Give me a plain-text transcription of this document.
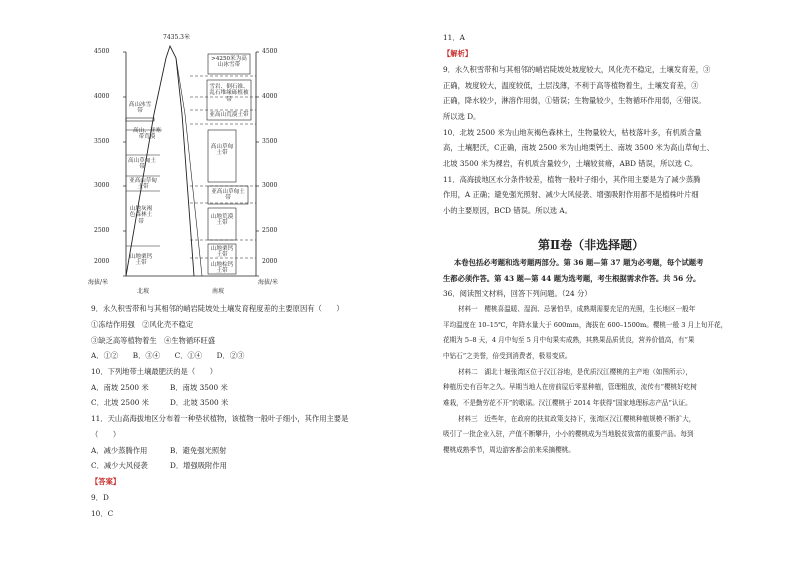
7435.3米
4500
4000
3500
3000
2500
2000
4500
4000
3500
3000
2500
2000
海拔/米	海拔/米
北坡	南坡
高山冰雪带
高山、亚寒带荒漠
高山草甸土带
亚高山草甸土带
山地灰褐色森林土带
山地栗钙土带
>4250米为高山冰雪带
雪岩、倒石锥、乱石堆缘砾植被带
亚高山荒漠土带
高山草甸土带
亚高山草甸土带
山地荒漠土带
山地栗钙土带
山地棕钙土带
9．永久积雪带和与其相邻的峭岩陡坡处土壤发育程度差的主要原因有（　　）
①冻结作用强　②风化壳不稳定
③缺乏高等植物着生　④生物循环旺盛
A．①②　　B．③④　　C．①④　　D．②③
10．下列地带土壤最肥沃的是（　　）
A．南坡 2500 米	B．南坡 3500 米
C．北坡 2500 米	D．北坡 3500 米
11．天山高海拔地区分布着一种垫状植物，该植物一般叶子细小，其作用主要是
（　　）
A．减少蒸腾作用	B．避免强光照射
C．减少大风侵袭	D．增强吸附作用
【答案】
9．D
10．C
11．A
【解析】
9．永久积雪带和与其相邻的峭岩陡坡处坡度较大，风化壳不稳定，土壤发育差，③
正确，坡度较大，温度较低，土层浅薄，不利于高等植物着生，土壤发育差，③
正确，降水较少，淋溶作用弱，①错误；生物量较少，生物循环作用弱，④错误。
所以选 D。
10．北坡 2500 米为山地灰褐色森林土，生物量较大，枯枝落叶多，有机质含量
高，土壤肥沃，C正确，南坡 2500 米为山地栗钙土、南坡 3500 米为高山草甸土、
北坡 3500 米为裸岩，有机质含量较少，土壤较贫瘠，ABD 错误，所以选 C。
11．高海拔地区水分条件较差，植物一般叶子细小，其作用主要是为了减少蒸腾
作用，A 正确；避免强光照射、减少大风侵袭、增强吸附作用都不是植株叶片细
小的主要原因，BCD 错误。所以选 A。
第Ⅱ卷（非选择题）
本卷包括必考题和选考题两部分。第 36 题—第 37 题为必考题，每个试题考
生都必须作答。第 43 题—第 44 题为选考题，考生根据需求作答。共 56 分。
36．阅读图文材料，回答下列问题。（24 分）
材料一　樱桃喜温暖、湿润、忌暑怕旱，成熟期需要充足的光照，生长地区一般年
平均温度在 10–15℃，年降水量大于 600mm，海拔在 600–1500m。樱桃一般 3 月上旬开花，
花期为 5–8 天，4 月中旬至 5 月中旬果实成熟，其熟果品质优良，营养价值高，有“果
中钻石”之美誉，倍受到消费者，极易变质。
材料二　湖北十堰张湾区位于汉江谷地，是优质汉江樱桃的主产地（如图所示），
种植历史有百年之久。早期当地人在房前屋后零星种植，管理粗放，流传有“樱桃好吃树
难栽，不是勤劳花不开”的歌谣。汉江樱桃于 2014 年获得“国家地理标志产品”认证。
材料三　近些年，在政府的扶贫政策支持下，张湾区汉江樱桃种植规模不断扩大，
吸引了一批企业入驻，产值不断攀升，小小的樱桃成为当地脱贫致富的重要产品。每到
樱桃成熟季节，周边游客都会前来采摘樱桃。
